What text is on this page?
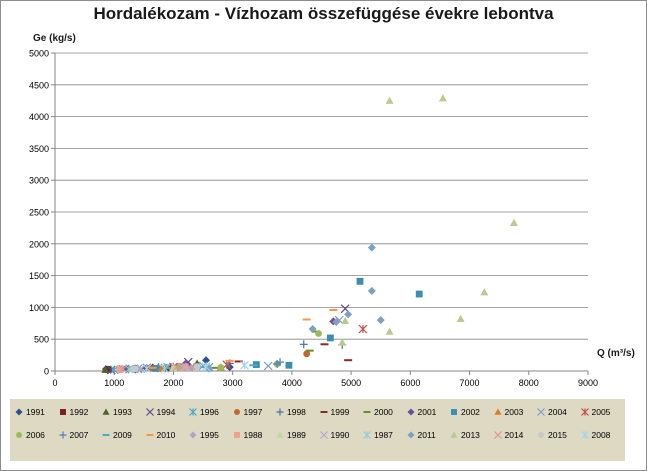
0
500
1000
1500
2000
2500
3000
3500
4000
4500
5000
0	1000	2000	3000	4000	5000	6000	7000	8000	9000
Hordalékozam - Vízhozam összefüggése évekre lebontva
Ge (kg/s)
Q (m³/s)
1991	1992	1993	1994	1996	1997	1998	1999	2000	2001	2002	2003	2004	2005
2006	2007	2009	2010	1995	1988	1989	1990	1987	2011	2013	2014	2015	2008
